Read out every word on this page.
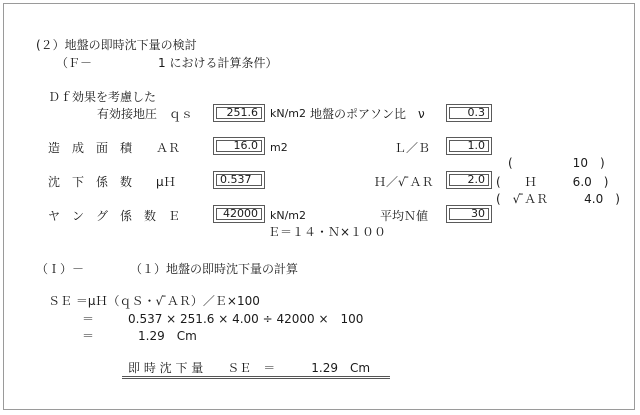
(２）地盤の即時沈下量の検討
（Ｆ－	1 における計算条件）
Ｄｆ効果を考慮した
有効接地圧　ｑｓ	251.6	kN/m2 地盤のポアソン比　ν	0.3
造　成　面　積　　ＡＲ	16.0	m2	Ｌ／Ｂ	1.0
(　　　　　10　)
沈　下　係　数　　μＨ	0.537	Ｈ／√ ̄ＡＲ	2.0 (　　Ｈ　　　6.0　)
(　√ ̄ＡＲ　　　4.0　)
ヤ　ン　グ　係　数　Ｅ	42000	kN/m2	平均Ｎ値	30
Ｅ＝１４・Ｎ×１００
（Ｉ）－	（１）地盤の即時沈下量の計算
ＳＥ ＝μＨ（ｑＳ・√ ̄ＡＲ）／Ｅ×100
＝	0.537 × 251.6 × 4.00 ÷ 42000 ×　100
＝	1.29　Cm
即 時 沈 下 量　　ＳＥ　＝　　　1.29　Cm
